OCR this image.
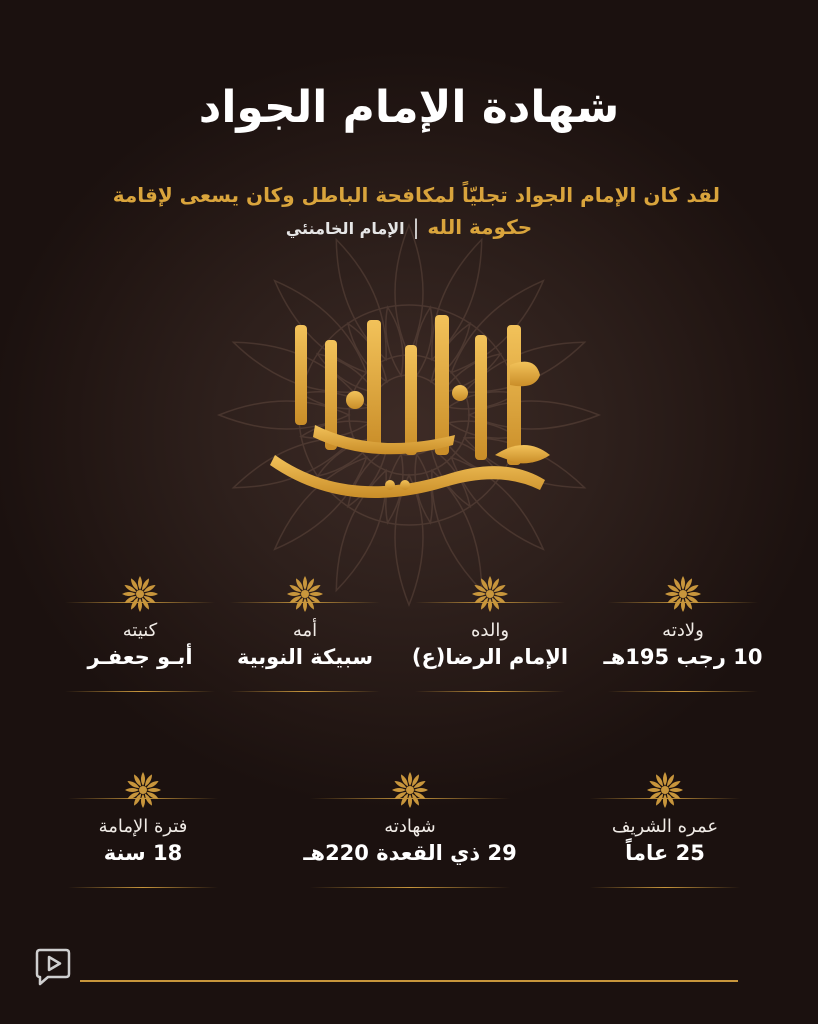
شهادة الإمام الجواد
لقد كان الإمام الجواد تجليّاً لمكافحة الباطل وكان يسعى لإقامة
حكومة الله|الإمام الخامنئي
ولادته
10 رجب 195هـ
والده
الإمام الرضا(ع)
أمه
سبيكة النوبية
كنيته
أبـو جعفـر
عمره الشريف
25 عاماً
شهادته
29 ذي القعدة 220هـ
فترة الإمامة
18 سنة
